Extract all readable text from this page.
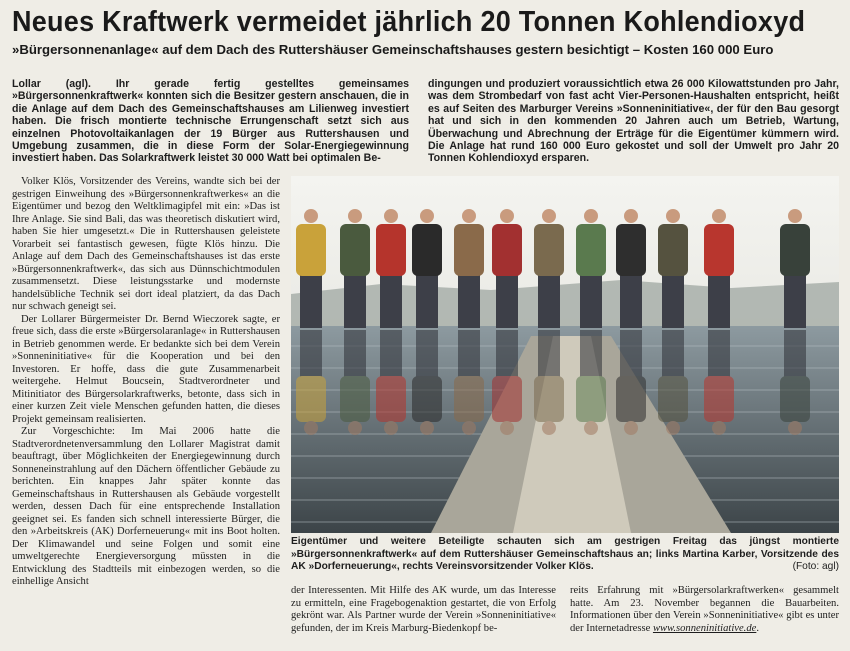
Neues Kraftwerk vermeidet jährlich 20 Tonnen Kohlendioxyd
»Bürgersonnenanlage« auf dem Dach des Ruttershäuser Gemeinschaftshauses gestern besichtigt – Kosten 160 000 Euro

Lollar (agl). Ihr gerade fertig gestelltes gemeinsames »Bürgersonnenkraftwerk« konnten sich die Besitzer gestern anschauen, die in die Anlage auf dem Dach des Gemeinschaftshauses am Lilienweg investiert haben. Die frisch montierte technische Errungenschaft setzt sich aus einzelnen Photovoltaikanlagen der 19 Bürger aus Ruttershausen und Umgebung zusammen, die in diese Form der Solar-Energiegewinnung investiert haben. Das Solarkraftwerk leistet 30 000 Watt bei optimalen Be-

dingungen und produziert voraussichtlich etwa 26 000 Kilowattstunden pro Jahr, was dem Strombedarf von fast acht Vier-Personen-Haushalten entspricht, heißt es auf Seiten des Marburger Vereins »Sonneninitiative«, der für den Bau gesorgt hat und sich in den kommenden 20 Jahren auch um Betrieb, Wartung, Überwachung und Abrechnung der Erträge für die Eigentümer kümmern wird. Die Anlage hat rund 160 000 Euro gekostet und soll der Umwelt pro Jahr 20 Tonnen Kohlendioxyd ersparen.

Volker Klös, Vorsitzender des Vereins, wandte sich bei der gestrigen Einweihung des »Bürgersonnenkraftwerkes« an die Eigentümer und bezog den Weltklimagipfel mit ein: »Das ist Ihre Anlage. Sie sind Bali, das was theoretisch diskutiert wird, haben Sie hier umgesetzt.« Die in Ruttershausen geleistete Vorarbeit sei fantastisch gewesen, fügte Klös hinzu. Die Anlage auf dem Dach des Gemeinschaftshauses ist das erste »Bürgersonnenkraftwerk«, das sich aus Dünnschichtmodulen zusammensetzt. Diese leistungsstarke und modernste handelsübliche Technik sei dort ideal platziert, da das Dach nur schwach geneigt sei.

Der Lollarer Bürgermeister Dr. Bernd Wieczorek sagte, er freue sich, dass die erste »Bürgersolaranlage« in Ruttershausen in Betrieb genommen werde. Er bedankte sich bei dem Verein »Sonneninitiative« für die Kooperation und bei den Investoren. Er hoffe, dass die gute Zusammenarbeit weitergehe. Helmut Boucsein, Stadtverordneter und Mitinitiator des Bürgersolarkraftwerks, betonte, dass sich in einer kurzen Zeit viele Menschen gefunden hatten, die dieses Projekt gemeinsam realisierten.

Zur Vorgeschichte: Im Mai 2006 hatte die Stadtverordnetenversammlung den Lollarer Magistrat damit beauftragt, über Möglichkeiten der Energiegewinnung durch Sonneneinstrahlung auf den Dächern öffentlicher Gebäude zu berichten. Ein knappes Jahr später konnte das Gemeinschaftshaus in Ruttershausen als Gebäude vorgestellt werden, dessen Dach für eine entsprechende Installation geeignet sei. Es fanden sich schnell interessierte Bürger, die den »Arbeitskreis (AK) Dorferneuerung« mit ins Boot holten. Der Klimawandel und seine Folgen und somit eine umweltgerechte Energieversorgung müssten in die Entwicklung des Stadtteils mit einbezogen werden, so die einhellige Ansicht

Eigentümer und weitere Beteiligte schauten sich am gestrigen Freitag das jüngst montierte »Bürgersonnenkraftwerk« auf dem Ruttershäuser Gemeinschaftshaus an; links Martina Karber, Vorsitzende des AK »Dorferneuerung«, rechts Vereinsvorsitzender Volker Klös.	(Foto: agl)

der Interessenten. Mit Hilfe des AK wurde, um das Interesse zu ermitteln, eine Fragebogenaktion gestartet, die von Erfolg gekrönt war. Als Partner wurde der Verein »Sonneninitiative« gefunden, der im Kreis Marburg-Biedenkopf be-

reits Erfahrung mit »Bürgersolarkraftwerken« gesammelt hatte. Am 23. November begannen die Bauarbeiten. Informationen über den Verein »Sonneninitiative« gibt es unter der Internetadresse www.sonneninitiative.de.
